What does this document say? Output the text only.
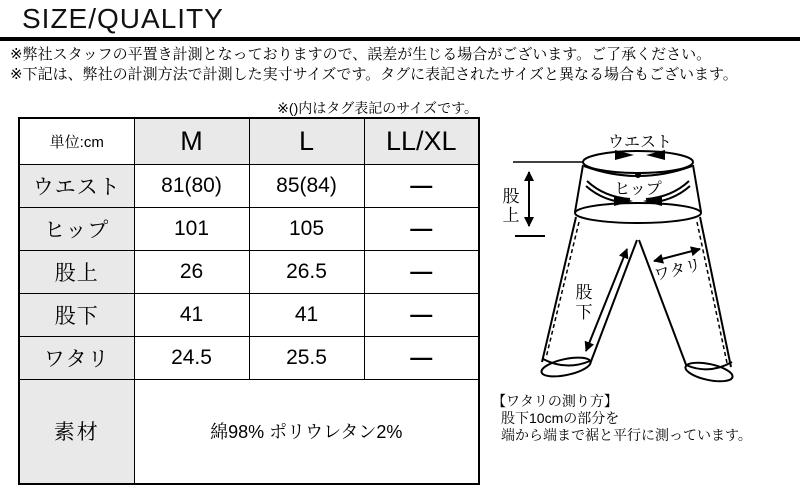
SIZE/QUALITY
※弊社スタッフの平置き計測となっておりますので、誤差が生じる場合がございます。ご了承ください。
※下記は、弊社の計測方法で計測した実寸サイズです。タグに表記されたサイズと異なる場合もございます。
※()内はタグ表記のサイズです。
単位:cm	M	L	LL/XL
ウエスト	81(80)	85(84)	—
ヒップ	101	105	—
股上	26	26.5	—
股下	41	41	—
ワタリ	24.5	25.5	—
素材	綿98% ポリウレタン2%		
ウエスト
股
上
ヒップ
股
下
ワタリ
【ワタリの測り方】
股下10cmの部分を
端から端まで裾と平行に測っています。
